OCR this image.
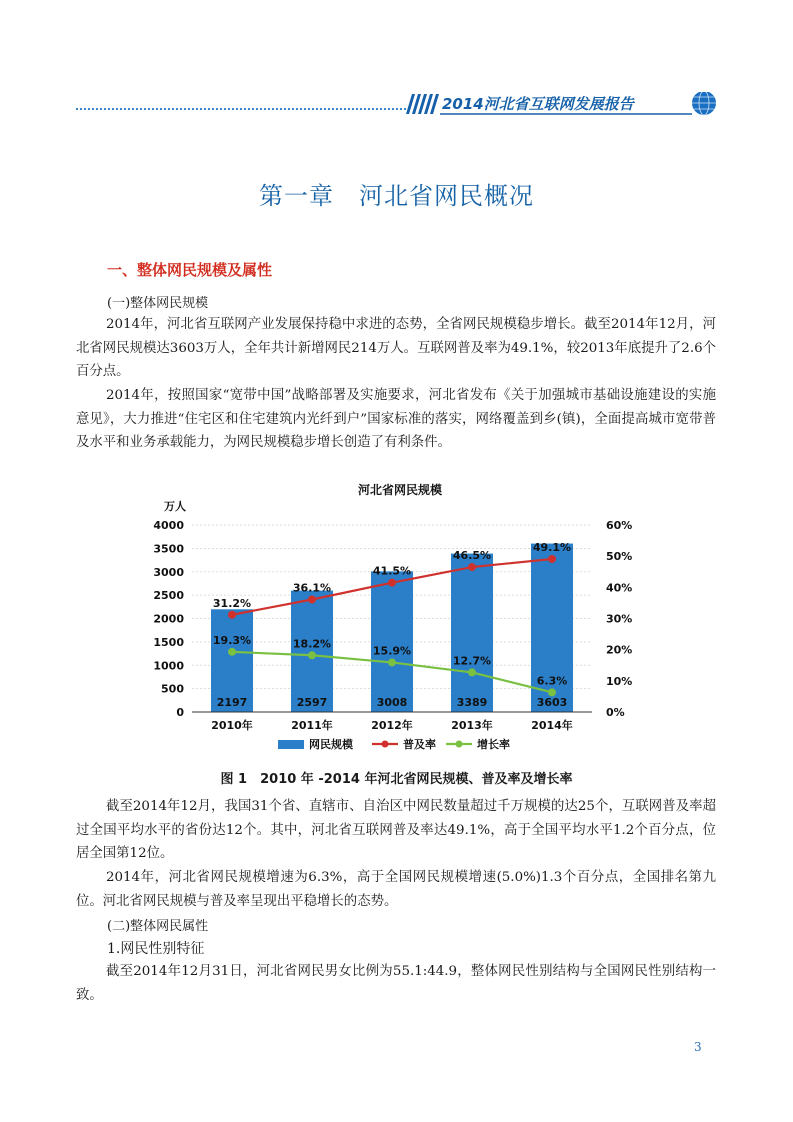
2014河北省互联网发展报告
第一章　河北省网民概况
一、整体网民规模及属性
(一)整体网民规模
2014年，河北省互联网产业发展保持稳中求进的态势，全省网民规模稳步增长。截至2014年12月，河北省网民规模达3603万人，全年共计新增网民214万人。互联网普及率为49.1%，较2013年底提升了2.6个百分点。
2014年，按照国家“宽带中国”战略部署及实施要求，河北省发布《关于加强城市基础设施建设的实施意见》，大力推进“住宅区和住宅建筑内光纤到户”国家标准的落实，网络覆盖到乡(镇)，全面提高城市宽带普及水平和业务承载能力，为网民规模稳步增长创造了有利条件。
河北省网民规模
万人
2197	2597	3008	3389	3603
31.2%
36.1%
41.5%
46.5%
49.1%
19.3%	18.2%
15.9%
12.7%
6.3%
0
500
1000
1500
2000
2500
3000
3500
4000
0%
10%
20%
30%
40%
50%
60%
2010年	2011年	2012年	2013年	2014年
网民规模	普及率	增长率
图 1　2010 年 -2014 年河北省网民规模、普及率及增长率
截至2014年12月，我国31个省、直辖市、自治区中网民数量超过千万规模的达25个，互联网普及率超过全国平均水平的省份达12个。其中，河北省互联网普及率达49.1%，高于全国平均水平1.2个百分点，位居全国第12位。
2014年，河北省网民规模增速为6.3%，高于全国网民规模增速(5.0%)1.3个百分点，全国排名第九位。河北省网民规模与普及率呈现出平稳增长的态势。
(二)整体网民属性
1.网民性别特征
截至2014年12月31日，河北省网民男女比例为55.1:44.9，整体网民性别结构与全国网民性别结构一致。
3
